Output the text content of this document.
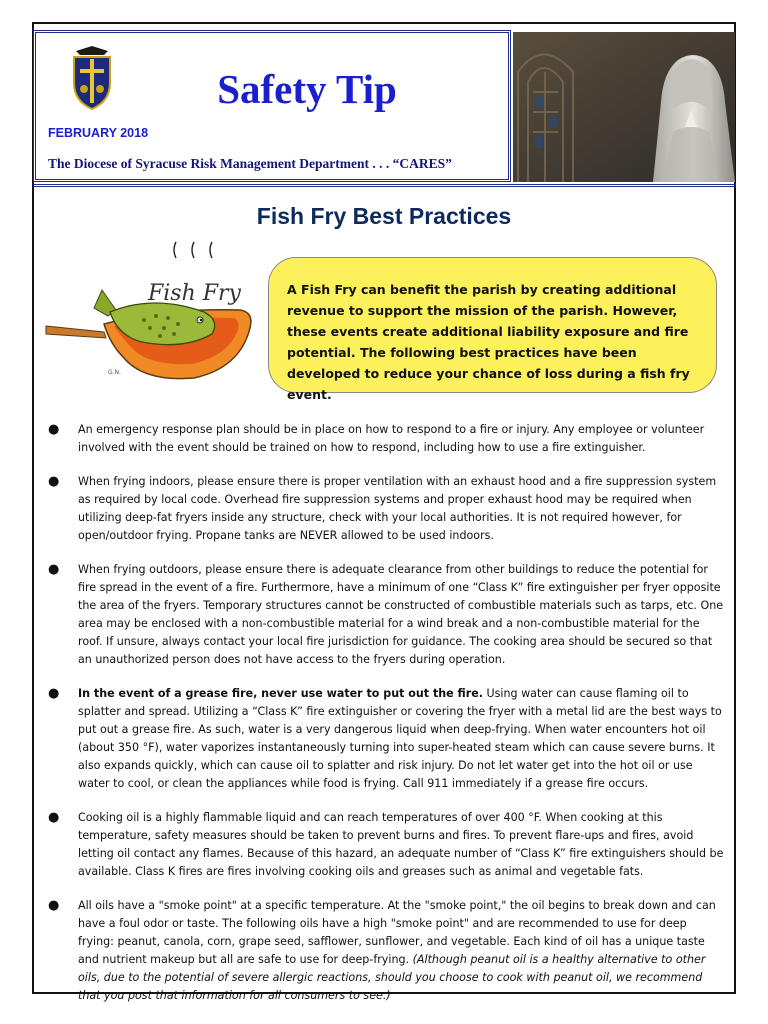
Safety Tip
FEBRUARY 2018
The Diocese of Syracuse Risk Management Department . . . “CARES”
Fish Fry Best Practices
Fish Fry
G.N.
A Fish Fry can benefit the parish by creating additional revenue to support the mission of the parish. However, these events create additional liability exposure and fire potential. The following best practices have been developed to reduce your chance of loss during a fish fry event.
● An emergency response plan should be in place on how to respond to a fire or injury. Any employee or volunteer involved with the event should be trained on how to respond, including how to use a fire extinguisher.
● When frying indoors, please ensure there is proper ventilation with an exhaust hood and a fire suppression system as required by local code. Overhead fire suppression systems and proper exhaust hood may be required when utilizing deep-fat fryers inside any structure, check with your local authorities. It is not required however, for open/outdoor frying. Propane tanks are NEVER allowed to be used indoors.
● When frying outdoors, please ensure there is adequate clearance from other buildings to reduce the potential for fire spread in the event of a fire. Furthermore, have a minimum of one “Class K” fire extinguisher per fryer opposite the area of the fryers. Temporary structures cannot be constructed of combustible materials such as tarps, etc. One area may be enclosed with a non-combustible material for a wind break and a non-combustible material for the roof. If unsure, always contact your local fire jurisdiction for guidance. The cooking area should be secured so that an unauthorized person does not have access to the fryers during operation.
● In the event of a grease fire, never use water to put out the fire. Using water can cause flaming oil to splatter and spread. Utilizing a “Class K” fire extinguisher or covering the fryer with a metal lid are the best ways to put out a grease fire. As such, water is a very dangerous liquid when deep-frying. When water encounters hot oil (about 350 °F), water vaporizes instantaneously turning into super-heated steam which can cause severe burns. It also expands quickly, which can cause oil to splatter and risk injury. Do not let water get into the hot oil or use water to cool, or clean the appliances while food is frying. Call 911 immediately if a grease fire occurs.
● Cooking oil is a highly flammable liquid and can reach temperatures of over 400 °F. When cooking at this temperature, safety measures should be taken to prevent burns and fires. To prevent flare-ups and fires, avoid letting oil contact any flames. Because of this hazard, an adequate number of “Class K” fire extinguishers should be available. Class K fires are fires involving cooking oils and greases such as animal and vegetable fats.
● All oils have a "smoke point" at a specific temperature. At the "smoke point," the oil begins to break down and can have a foul odor or taste. The following oils have a high "smoke point" and are recommended to use for deep frying: peanut, canola, corn, grape seed, safflower, sunflower, and vegetable. Each kind of oil has a unique taste and nutrient makeup but all are safe to use for deep-frying. (Although peanut oil is a healthy alternative to other oils, due to the potential of severe allergic reactions, should you choose to cook with peanut oil, we recommend that you post that information for all consumers to see.)
